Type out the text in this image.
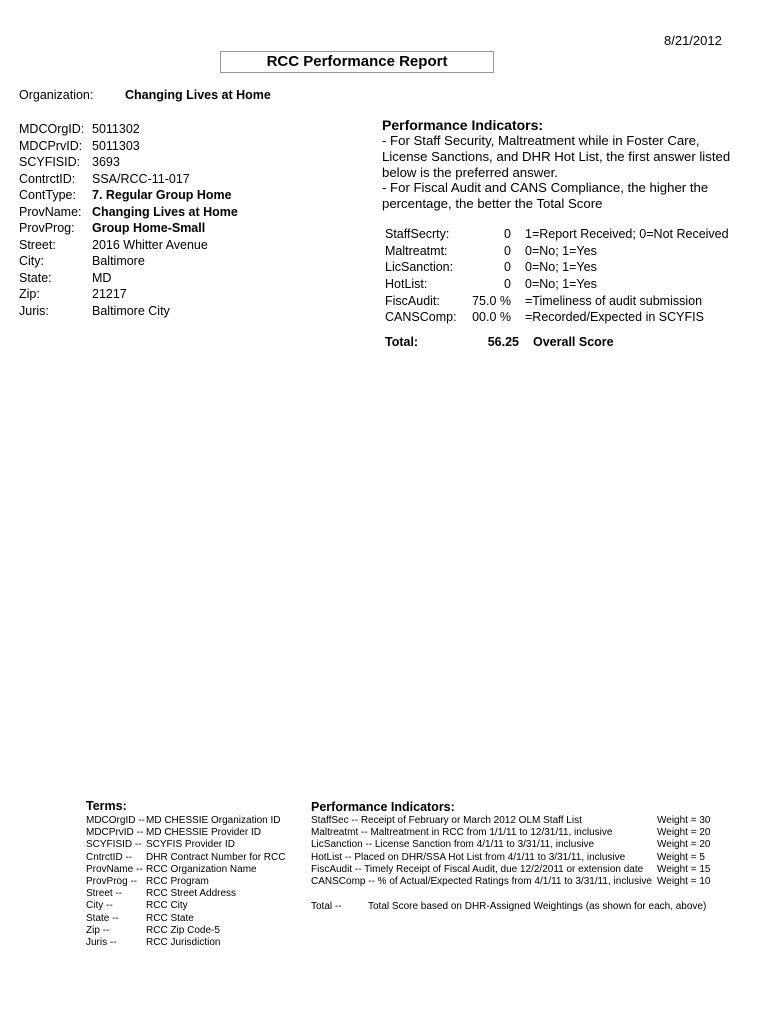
8/21/2012
RCC Performance Report
Organization:	Changing Lives at Home
MDCOrgID: 5011302
MDCPrvID: 5011303
SCYFISID: 3693
ContrctID:	SSA/RCC-11-017
ContType:	7. Regular Group Home
ProvName: Changing Lives at Home
ProvProg:	Group Home-Small
Street:	2016 Whitter Avenue
City:	Baltimore
State:	MD
Zip:	21217
Juris:	Baltimore City
Performance Indicators:
- For Staff Security, Maltreatment while in Foster Care, License Sanctions, and DHR Hot List, the first answer listed below is the preferred answer.
- For Fiscal Audit and CANS Compliance, the higher the percentage, the better the Total Score
StaffSecrty:	0	1=Report Received; 0=Not Received
Maltreatmt:	0	0=No; 1=Yes
LicSanction:	0	0=No; 1=Yes
HotList:	0	0=No; 1=Yes
FiscAudit:	75.0 %	=Timeliness of audit submission
CANSComp:	00.0 %	=Recorded/Expected in SCYFIS
Total:	56.25	Overall Score
Terms:
MDCOrgID -- MD CHESSIE Organization ID
MDCPrvID -- MD CHESSIE Provider ID
SCYFISID -- SCYFIS Provider ID
CntrctID --	DHR Contract Number for RCC
ProvName -- RCC Organization Name
ProvProg -- RCC Program
Street --	RCC Street Address
City --	RCC City
State --	RCC State
Zip --	RCC Zip Code-5
Juris --	RCC Jurisdiction
Performance Indicators:
StaffSec -- Receipt of February or March 2012 OLM Staff List	Weight = 30
Maltreatmt -- Maltreatment in RCC from 1/1/11 to 12/31/11, inclusive	Weight = 20
LicSanction -- License Sanction from 4/1/11 to 3/31/11, inclusive	Weight = 20
HotList -- Placed on DHR/SSA Hot List from 4/1/11 to 3/31/11, inclusive	Weight = 5
FiscAudit -- Timely Receipt of Fiscal Audit, due 12/2/2011 or extension date	Weight = 15
CANSComp -- % of Actual/Expected Ratings from 4/1/11 to 3/31/11, inclusive Weight = 10
Total --	Total Score based on DHR-Assigned Weightings (as shown for each, above)
